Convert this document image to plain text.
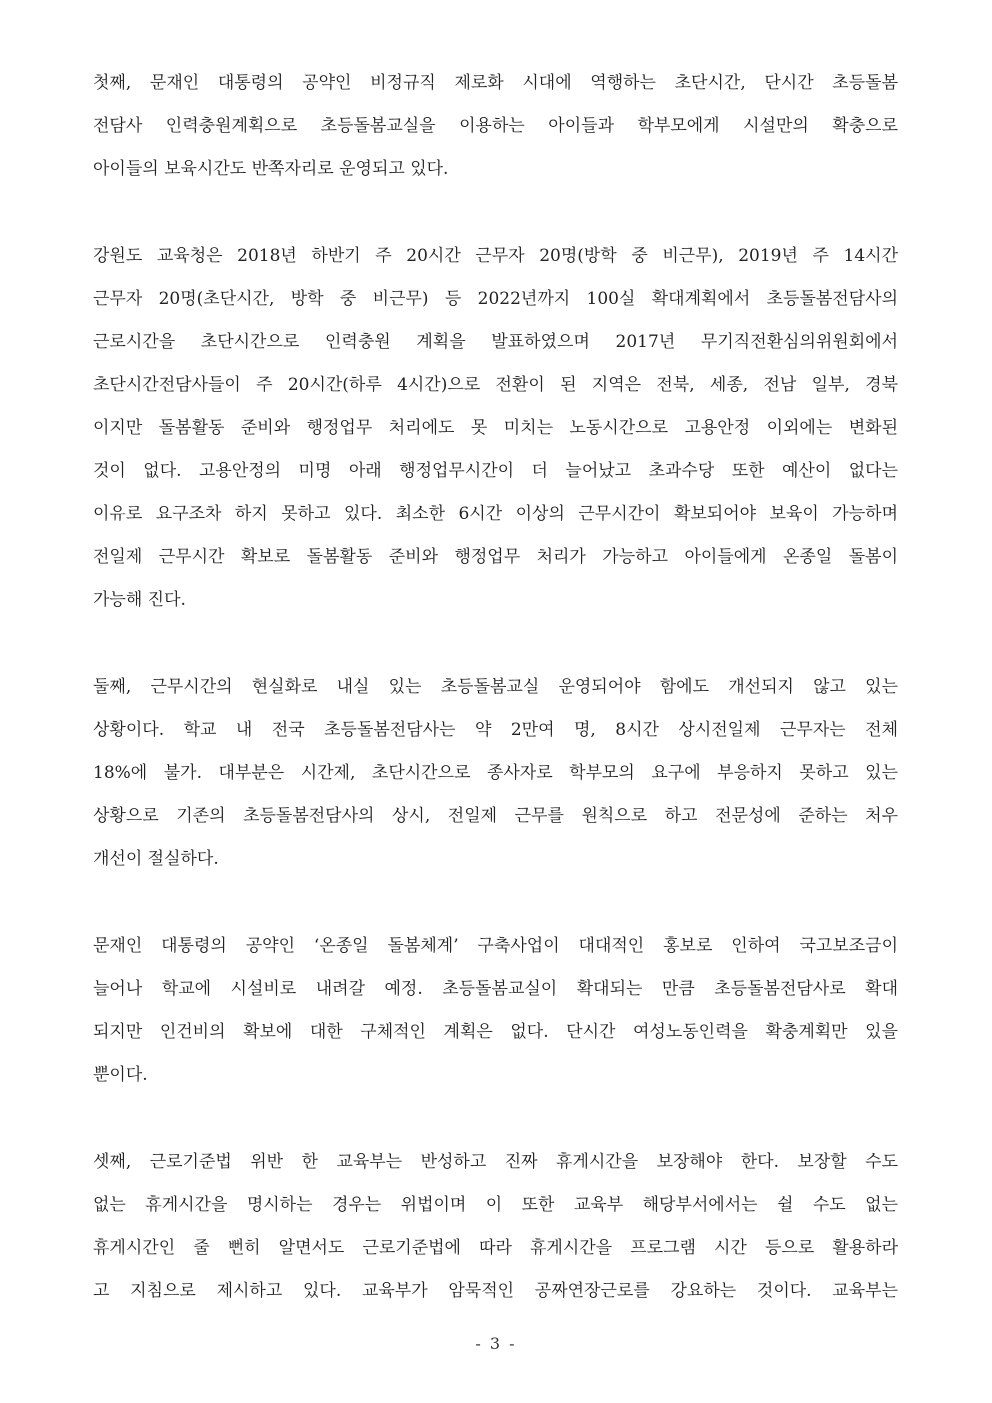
첫째, 문재인 대통령의 공약인 비정규직 제로화 시대에 역행하는 초단시간, 단시간 초등돌봄
전담사 인력충원계획으로 초등돌봄교실을 이용하는 아이들과 학부모에게 시설만의 확충으로
아이들의 보육시간도 반쪽자리로 운영되고 있다.
강원도 교육청은 2018년 하반기 주 20시간 근무자 20명(방학 중 비근무), 2019년 주 14시간
근무자 20명(초단시간, 방학 중 비근무) 등 2022년까지 100실 확대계획에서 초등돌봄전담사의
근로시간을 초단시간으로 인력충원 계획을 발표하였으며 2017년 무기직전환심의위원회에서
초단시간전담사들이 주 20시간(하루 4시간)으로 전환이 된 지역은 전북, 세종, 전남 일부, 경북
이지만 돌봄활동 준비와 행정업무 처리에도 못 미치는 노동시간으로 고용안정 이외에는 변화된
것이 없다. 고용안정의 미명 아래 행정업무시간이 더 늘어났고 초과수당 또한 예산이 없다는
이유로 요구조차 하지 못하고 있다. 최소한 6시간 이상의 근무시간이 확보되어야 보육이 가능하며
전일제 근무시간 확보로 돌봄활동 준비와 행정업무 처리가 가능하고 아이들에게 온종일 돌봄이
가능해 진다.
둘째, 근무시간의 현실화로 내실 있는 초등돌봄교실 운영되어야 함에도 개선되지 않고 있는
상황이다. 학교 내 전국 초등돌봄전담사는 약 2만여 명, 8시간 상시전일제 근무자는 전체
18%에 불가. 대부분은 시간제, 초단시간으로 종사자로 학부모의 요구에 부응하지 못하고 있는
상황으로 기존의 초등돌봄전담사의 상시, 전일제 근무를 원칙으로 하고 전문성에 준하는 처우
개선이 절실하다.
문재인 대통령의 공약인 ‘온종일 돌봄체계’ 구축사업이 대대적인 홍보로 인하여 국고보조금이
늘어나 학교에 시설비로 내려갈 예정. 초등돌봄교실이 확대되는 만큼 초등돌봄전담사로 확대
되지만 인건비의 확보에 대한 구체적인 계획은 없다. 단시간 여성노동인력을 확충계획만 있을
뿐이다.
셋째, 근로기준법 위반 한 교육부는 반성하고 진짜 휴게시간을 보장해야 한다. 보장할 수도
없는 휴게시간을 명시하는 경우는 위법이며 이 또한 교육부 해당부서에서는 쉴 수도 없는
휴게시간인 줄 뻔히 알면서도 근로기준법에 따라 휴게시간을 프로그램 시간 등으로 활용하라
고 지침으로 제시하고 있다. 교육부가 암묵적인 공짜연장근로를 강요하는 것이다. 교육부는
- 3 -
